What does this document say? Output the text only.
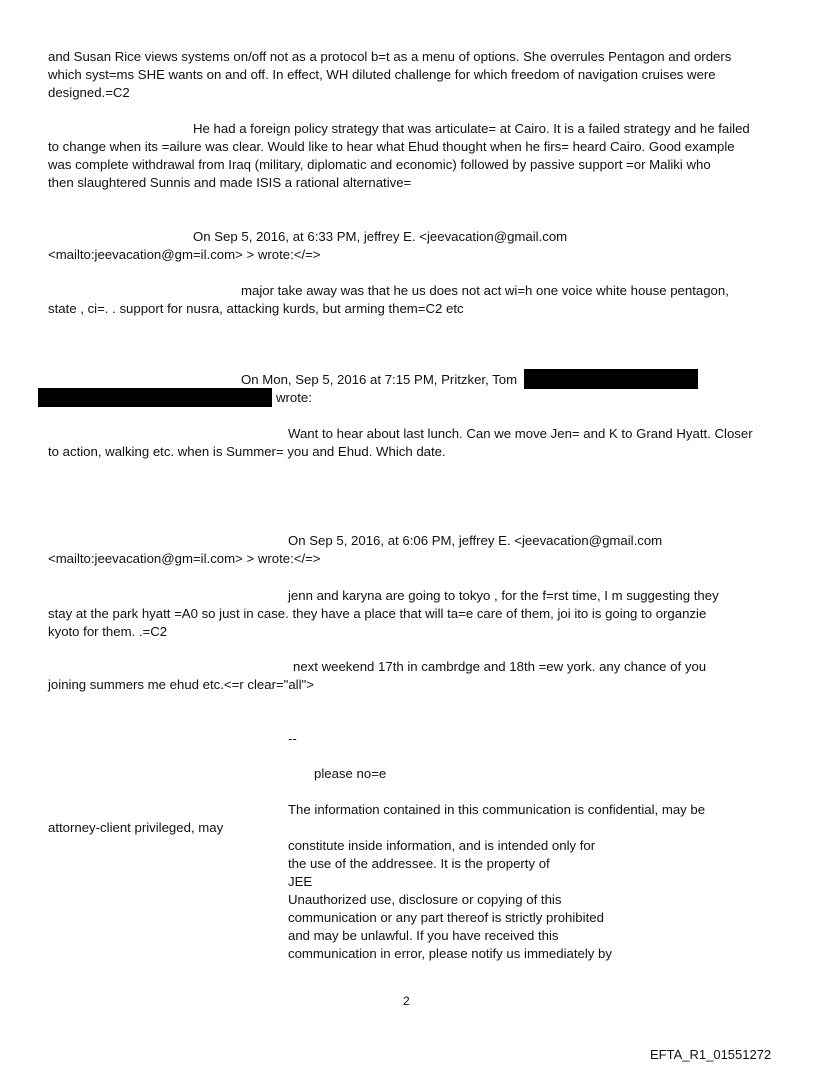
and Susan Rice views systems on/off not as a protocol b=t as a menu of options. She overrules Pentagon and orders

which syst=ms SHE wants on and off. In effect, WH diluted challenge for which freedom of navigation cruises were

designed.=C2

He had a foreign policy strategy that was articulate= at Cairo. It is a failed strategy and he failed

to change when its =ailure was clear. Would like to hear what Ehud thought when he firs= heard Cairo. Good example

was complete withdrawal from Iraq (military, diplomatic and economic) followed by passive support =or Maliki who

then slaughtered Sunnis and made ISIS a rational alternative=

On Sep 5, 2016, at 6:33 PM, jeffrey E. <jeevacation@gmail.com

<mailto:jeevacation@gm=il.com> > wrote:</=>

major take away was that he us does not act wi=h one voice white house pentagon,

state , ci=. . support for nusra, attacking kurds, but arming them=C2 etc

On Mon, Sep 5, 2016 at 7:15 PM, Pritzker, Tom

wrote:

Want to hear about last lunch. Can we move Jen= and K to Grand Hyatt. Closer

to action, walking etc. when is Summer= you and Ehud. Which date.

On Sep 5, 2016, at 6:06 PM, jeffrey E. <jeevacation@gmail.com

<mailto:jeevacation@gm=il.com> > wrote:</=>

jenn and karyna are going to tokyo , for the f=rst time, I m suggesting they

stay at the park hyatt =A0 so just in case. they have a place that will ta=e care of them, joi ito is going to organzie

kyoto for them. .=C2

next weekend 17th in cambrdge and 18th =ew york. any chance of you

joining summers me ehud etc.<=r clear="all">

--

please no=e

The information contained in this communication is confidential, may be

attorney-client privileged, may

constitute inside information, and is intended only for

the use of the addressee. It is the property of

JEE

Unauthorized use, disclosure or copying of this

communication or any part thereof is strictly prohibited

and may be unlawful. If you have received this

communication in error, please notify us immediately by

2
EFTA_R1_01551272
